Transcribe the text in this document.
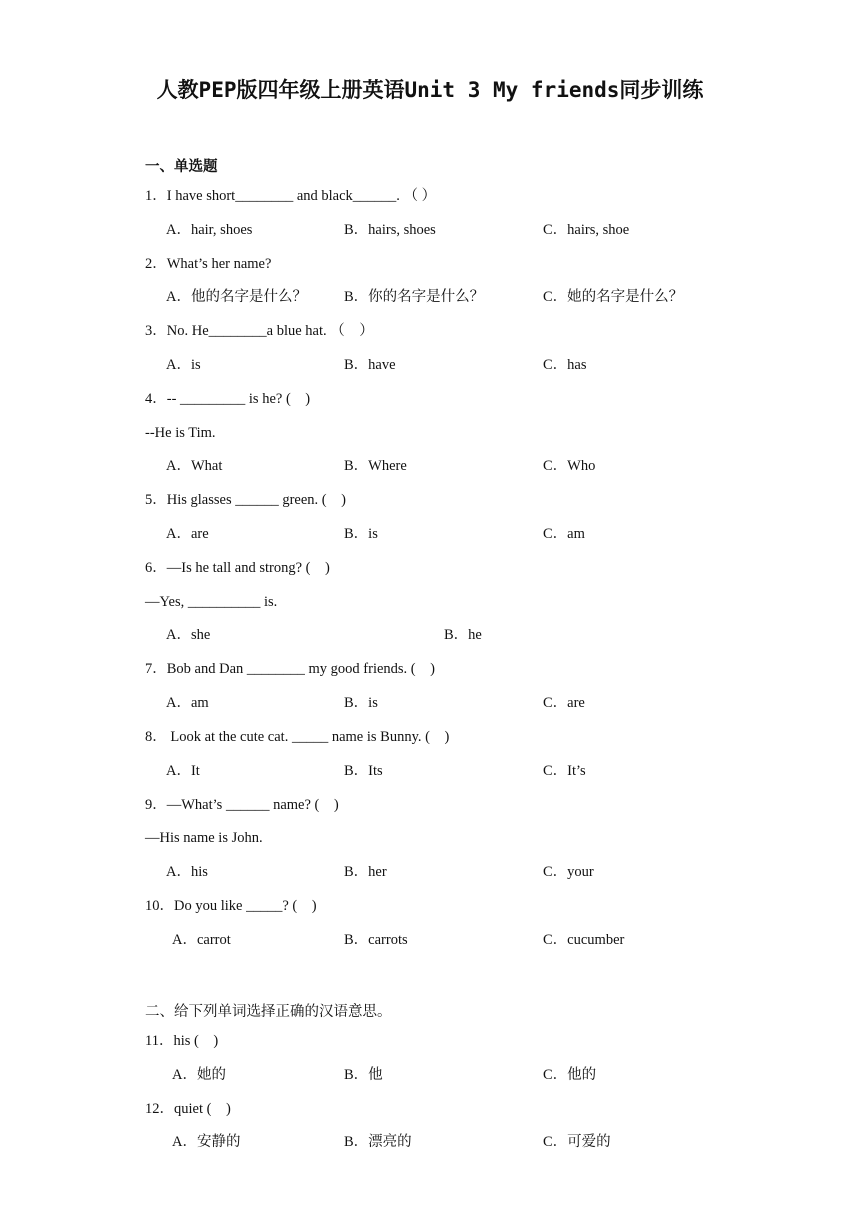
人教PEP版四年级上册英语Unit 3 My friends同步训练
一、单选题
1．I have short________ and black______. （ ）
A．hair, shoes	B．hairs, shoes	C．hairs, shoe
2．What’s her name?
A．他的名字是什么？	B．你的名字是什么？	C．她的名字是什么？
3．No. He________a blue hat. （　）
A．is	B．have	C．has
4．-- _________ is he? (　)
--He is Tim.
A．What	B．Where	C．Who
5．His glasses ______ green. (　)
A．are	B．is	C．am
6．—Is he tall and strong? (　)
—Yes, __________ is.
A．she	B．he
7．Bob and Dan ________ my good friends. (　)
A．am	B．is	C．are
8． Look at the cute cat. _____ name is Bunny. (　)
A．It	B．Its	C．It’s
9．—What’s ______ name? (　)
—His name is John.
A．his	B．her	C．your
10．Do you like _____? (　)
A．carrot	B．carrots	C．cucumber
二、给下列单词选择正确的汉语意思。
11．his (　)
A．她的	B．他	C．他的
12．quiet (　)
A．安静的	B．漂亮的	C．可爱的
